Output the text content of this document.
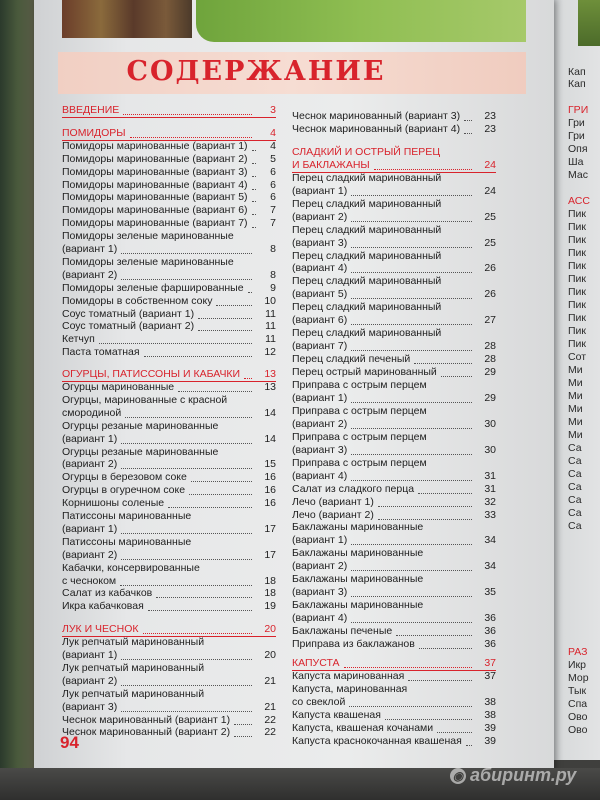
СОДЕРЖАНИЕ
ВВЕДЕНИЕ	3
ПОМИДОРЫ	4
Помидоры маринованные (вариант 1)	4
Помидоры маринованные (вариант 2)	5
Помидоры маринованные (вариант 3)	6
Помидоры маринованные (вариант 4)	6
Помидоры маринованные (вариант 5)	6
Помидоры маринованные (вариант 6)	7
Помидоры маринованные (вариант 7)	7
Помидоры зеленые маринованные
(вариант 1)	8
Помидоры зеленые маринованные
(вариант 2)	8
Помидоры зеленые фаршированные	9
Помидоры в собственном соку	10
Соус томатный (вариант 1)	11
Соус томатный (вариант 2)	11
Кетчуп	11
Паста томатная	12
ОГУРЦЫ, ПАТИССОНЫ И КАБАЧКИ	13
Огурцы маринованные	13
Огурцы, маринованные с красной
смородиной	14
Огурцы резаные маринованные
(вариант 1)	14
Огурцы резаные маринованные
(вариант 2)	15
Огурцы в березовом соке	16
Огурцы в огуречном соке	16
Корнишоны соленые	16
Патиссоны маринованные
(вариант 1)	17
Патиссоны маринованные
(вариант 2)	17
Кабачки, консервированные
с чесноком	18
Салат из кабачков	18
Икра кабачковая	19
ЛУК И ЧЕСНОК	20
Лук репчатый маринованный
(вариант 1)	20
Лук репчатый маринованный
(вариант 2)	21
Лук репчатый маринованный
(вариант 3)	21
Чеснок маринованный (вариант 1)	22
Чеснок маринованный (вариант 2)	22
Чеснок маринованный (вариант 3)	23
Чеснок маринованный (вариант 4)	23
СЛАДКИЙ И ОСТРЫЙ ПЕРЕЦ
И БАКЛАЖАНЫ	24
Перец сладкий маринованный
(вариант 1)	24
Перец сладкий маринованный
(вариант 2)	25
Перец сладкий маринованный
(вариант 3)	25
Перец сладкий маринованный
(вариант 4)	26
Перец сладкий маринованный
(вариант 5)	26
Перец сладкий маринованный
(вариант 6)	27
Перец сладкий маринованный
(вариант 7)	28
Перец сладкий печеный	28
Перец острый маринованный	29
Приправа с острым перцем
(вариант 1)	29
Приправа с острым перцем
(вариант 2)	30
Приправа с острым перцем
(вариант 3)	30
Приправа с острым перцем
(вариант 4)	31
Салат из сладкого перца	31
Лечо (вариант 1)	32
Лечо (вариант 2)	33
Баклажаны маринованные
(вариант 1)	34
Баклажаны маринованные
(вариант 2)	34
Баклажаны маринованные
(вариант 3)	35
Баклажаны маринованные
(вариант 4)	36
Баклажаны печеные	36
Приправа из баклажанов	36
КАПУСТА	37
Капуста маринованная	37
Капуста, маринованная
со свеклой	38
Капуста квашеная	38
Капуста, квашеная кочанами	39
Капуста краснокочанная квашеная	39
Кап
Кап
ГРИ
Гри
Гри
Опя
Ша
Мас
АСС
Пик
Пик
Пик
Пик
Пик
Пик
Пик
Пик
Пик
Пик
Пик
Сот
Ми
Ми
Ми
Ми
Ми
Ми
Са
Са
Са
Са
Са
Са
Са
РАЗ
Икр
Мор
Тык
Спа
Ово
Ово
94
◉ абиринт.ру
